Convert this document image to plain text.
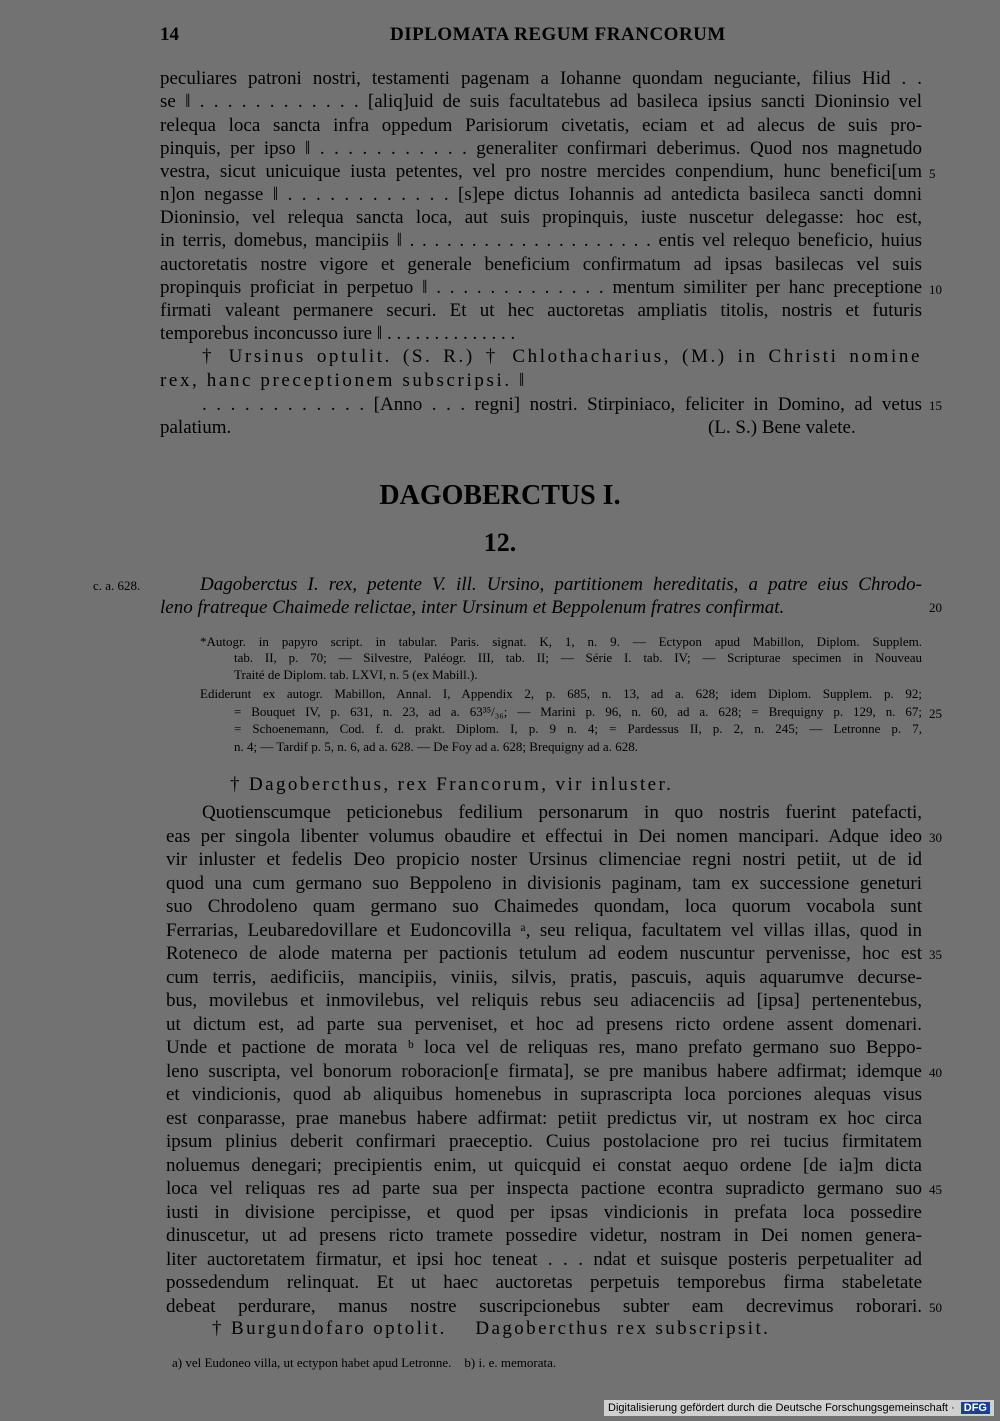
14	DIPLOMATA REGUM FRANCORUM
peculiares patroni nostri, testamenti pagenam a Iohanne quondam neguciante, filius Hid . .
se ǁ . . . . . . . . . . . . [aliq]uid de suis facultatebus ad basileca ipsius sancti Dioninsio vel
relequa loca sancta infra oppedum Parisiorum civetatis, eciam et ad alecus de suis pro-
pinquis, per ipso ǁ . . . . . . . . . . . generaliter confirmari deberimus. Quod nos magnetudo
vestra, sicut unicuique iusta petentes, vel pro nostre mercides conpendium, hunc benefici[um
n]on negasse ǁ . . . . . . . . . . . . [s]epe dictus Iohannis ad antedicta basileca sancti domni
Dioninsio, vel relequa sancta loca, aut suis propinquis, iuste nuscetur delegasse: hoc est,
in terris, domebus, mancipiis ǁ . . . . . . . . . . . . . . . . . . . . entis vel relequo beneficio, huius
auctoretatis nostre vigore et generale beneficium confirmatum ad ipsas basilecas vel suis
propinquis proficiat in perpetuo ǁ . . . . . . . . . . . . . mentum similiter per hanc preceptione
firmati valeant permanere securi. Et ut hec auctoretas ampliatis titolis, nostris et futuris
temporebus inconcusso iure ǁ . . . . . . . . . . . . . .
† Ursinus optulit. (S. R.) † Chlothacharius, (M.) in Christi nomine
rex, hanc preceptionem subscripsi. ǁ
. . . . . . . . . . . . [Anno . . . regni] nostri. Stirpiniaco, feliciter in Domino, ad vetus
palatium.	(L. S.) Bene valete.
5
10
15
DAGOBERCTUS I.
12.
c. a. 628.	Dagoberctus I. rex, petente V. ill. Ursino, partitionem hereditatis, a patre eius Chrodo-
leno fratreque Chaimede relictae, inter Ursinum et Beppolenum fratres confirmat.	20
*Autogr. in papyro script. in tabular. Paris. signat. K, 1, n. 9. — Ectypon apud Mabillon, Diplom. Supplem.
tab. II, p. 70; — Silvestre, Paléogr. III, tab. II; — Série I. tab. IV; — Scripturae specimen in Nouveau
Traité de Diplom. tab. LXVI, n. 5 (ex Mabill.).
Ediderunt ex autogr. Mabillon, Annal. I, Appendix 2, p. 685, n. 13, ad a. 628; idem Diplom. Supplem. p. 92;
= Bouquet IV, p. 631, n. 23, ad a. 63³⁵/₃₆; — Marini p. 96, n. 60, ad a. 628; = Brequigny p. 129, n. 67;
= Schoenemann, Cod. f. d. prakt. Diplom. I, p. 9 n. 4; = Pardessus II, p. 2, n. 245; — Letronne p. 7,
n. 4; — Tardif p. 5, n. 6, ad a. 628. — De Foy ad a. 628; Brequigny ad a. 628.
25
† Dagobercthus, rex Francorum, vir inluster.
Quotienscumque peticionebus fedilium personarum in quo nostris fuerint patefacti,
eas per singola libenter volumus obaudire et effectui in Dei nomen mancipari. Adque ideo
vir inluster et fedelis Deo propicio noster Ursinus climenciae regni nostri petiit, ut de id
quod una cum germano suo Beppoleno in divisionis paginam, tam ex successione geneturi
suo Chrodoleno quam germano suo Chaimedes quondam, loca quorum vocabola sunt
Ferrarias, Leubaredovillare et Eudoncovilla ᵃ, seu reliqua, facultatem vel villas illas, quod in
Roteneco de alode materna per pactionis tetulum ad eodem nuscuntur pervenisse, hoc est
cum terris, aedificiis, mancipiis, viniis, silvis, pratis, pascuis, aquis aquarumve decurse-
bus, movilebus et inmovilebus, vel reliquis rebus seu adiacenciis ad [ipsa] pertenentebus,
ut dictum est, ad parte sua perveniset, et hoc ad presens ricto ordene assent domenari.
Unde et pactione de morata ᵇ loca vel de reliquas res, mano prefato germano suo Beppo-
leno suscripta, vel bonorum roboracion[e firmata], se pre manibus habere adfirmat; idemque
et vindicionis, quod ab aliquibus homenebus in suprascripta loca porciones alequas visus
est conparasse, prae manebus habere adfirmat: petiit predictus vir, ut nostram ex hoc circa
ipsum plinius deberit confirmari praeceptio. Cuius postolacione pro rei tucius firmitatem
noluemus denegari; precipientis enim, ut quicquid ei constat aequo ordene [de ia]m dicta
loca vel reliquas res ad parte sua per inspecta pactione econtra supradicto germano suo
iusti in divisione percipisse, et quod per ipsas vindicionis in prefata loca possedire
dinuscetur, ut ad presens ricto tramete possedire videtur, nostram in Dei nomen genera-
liter auctoretatem firmatur, et ipsi hoc teneat . . . ndat et suisque posteris perpetualiter ad
possedendum relinquat. Et ut haec auctoretas perpetuis temporebus firma stabeletate
debeat perdurare, manus nostre suscripcionebus subter eam decrevimus roborari.
30
35
40
45
50
† Burgundofaro optolit.    Dagobercthus rex subscripsit.
a) vel Eudoneo villa, ut ectypon habet apud Letronne.    b) i. e. memorata.
Digitalisierung gefördert durch die Deutsche Forschungsgemeinschaft · DFG
